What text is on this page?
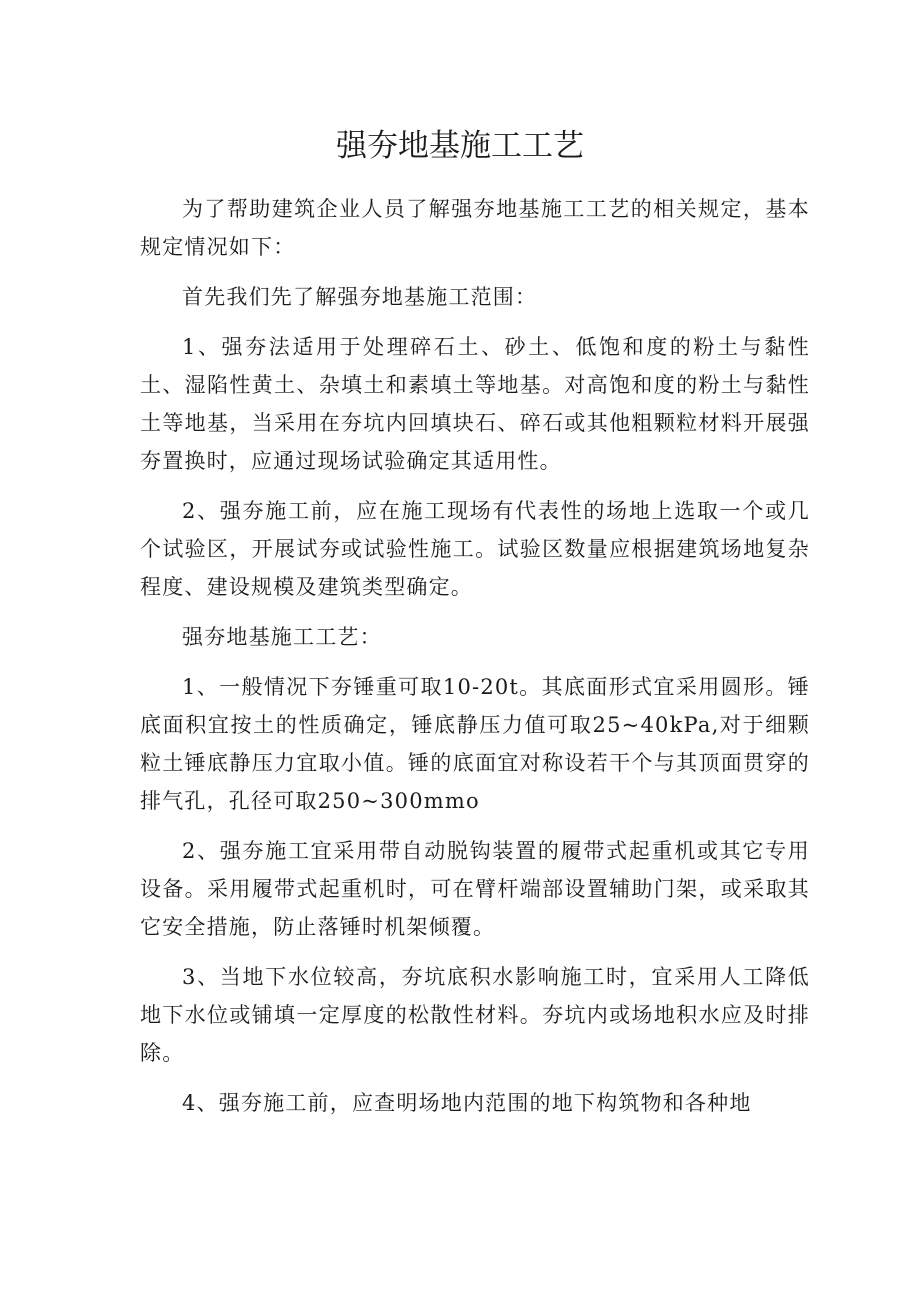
强夯地基施工工艺

为了帮助建筑企业人员了解强夯地基施工工艺的相关规定，基本规定情况如下：

首先我们先了解强夯地基施工范围：

1、强夯法适用于处理碎石土、砂土、低饱和度的粉土与黏性土、湿陷性黄土、杂填土和素填土等地基。对高饱和度的粉土与黏性土等地基，当采用在夯坑内回填块石、碎石或其他粗颗粒材料开展强夯置换时，应通过现场试验确定其适用性。

2、强夯施工前，应在施工现场有代表性的场地上选取一个或几个试验区，开展试夯或试验性施工。试验区数量应根据建筑场地复杂程度、建设规模及建筑类型确定。

强夯地基施工工艺：

1、一般情况下夯锤重可取10-20t。其底面形式宜采用圆形。锤底面积宜按土的性质确定，锤底静压力值可取25~40kPa,对于细颗粒土锤底静压力宜取小值。锤的底面宜对称设若干个与其顶面贯穿的排气孔，孔径可取250~300mmo

2、强夯施工宜采用带自动脱钩装置的履带式起重机或其它专用设备。采用履带式起重机时，可在臂杆端部设置辅助门架，或采取其它安全措施，防止落锤时机架倾覆。

3、当地下水位较高，夯坑底积水影响施工时，宜采用人工降低地下水位或铺填一定厚度的松散性材料。夯坑内或场地积水应及时排除。

4、强夯施工前，应查明场地内范围的地下构筑物和各种地
